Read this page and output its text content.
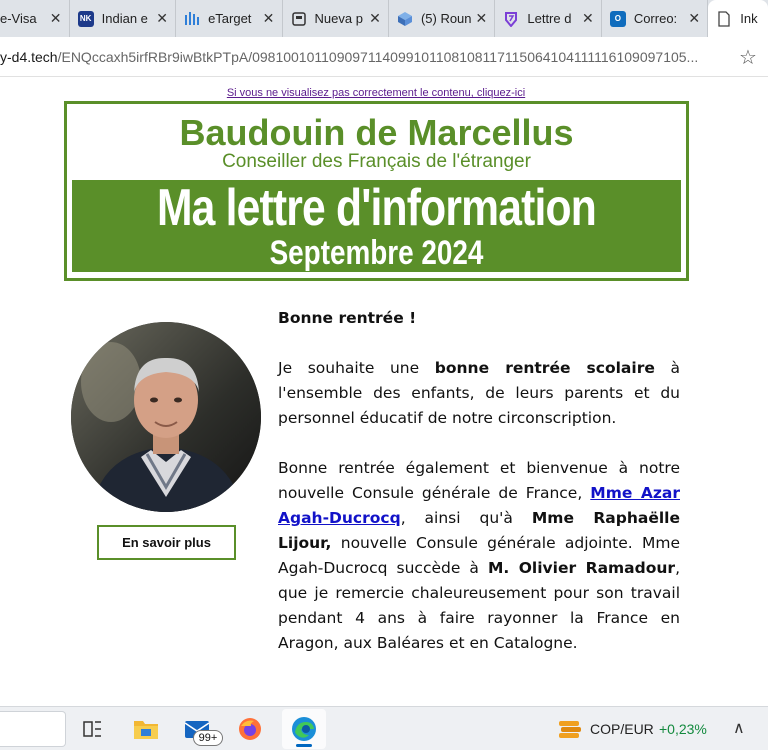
e-Visa ✕ NK Indian e ✕	eTarget ✕	Nueva p ✕	(5) Roun ✕	Lettre d ✕	O Correo: ✕	Ink
y-d4.tech/ENQccaxh5irfRBr9iwBtkPTpA/098100101109097114099101108108117115064104111116109097105...	☆
Si vous ne visualisez pas correctement le contenu, cliquez-ici
Baudouin de Marcellus
Conseiller des Français de l'étranger
Ma lettre d'information
Septembre 2024
En savoir plus
Bonne rentrée !

Je souhaite une bonne rentrée scolaire à l'ensemble des enfants, de leurs parents et du personnel éducatif de notre circonscription.

Bonne rentrée également et bienvenue à notre nouvelle Consule générale de France, Mme Azar Agah-Ducrocq, ainsi qu'à Mme Raphaëlle Lijour, nouvelle Consule générale adjointe. Mme Agah-Ducrocq succède à M. Olivier Ramadour, que je remercie chaleureusement pour son travail pendant 4 ans à faire rayonner la France en Aragon, aux Baléares et en Catalogne.

99+
COP/EUR +0,23% ∧
